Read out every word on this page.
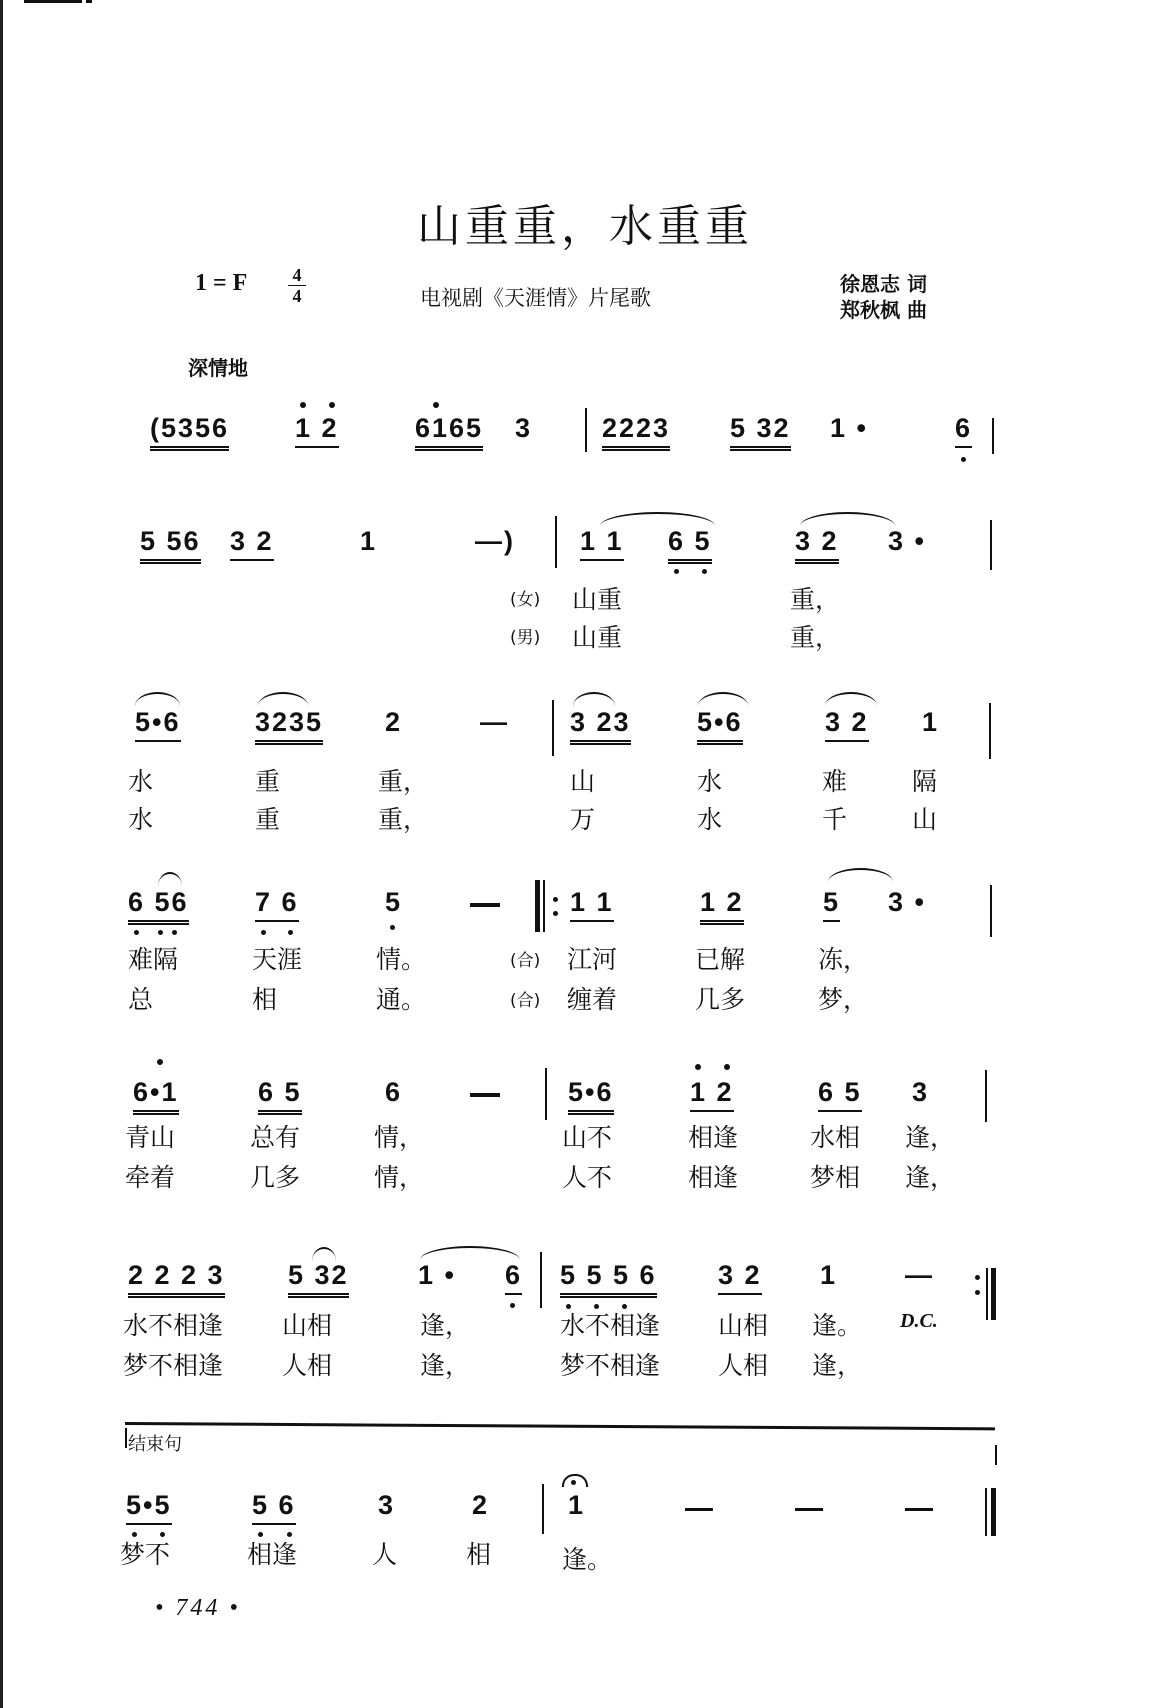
山重重，水重重
1 = F	4
4	电视剧《天涯情》片尾歌
徐恩志 词
郑秋枫 曲
深情地
(5356 1 2	6165 3	2223 5 32 1 •	6
5 56 3 2	1	—) 1 1 6 5	3 2 3 •
(女) 山重	重，
(男) 山重	重，
5•6	3235 2	— 3 23 5•6	3 2 1
水	重	重，	山	水	难	隔
水	重	重，	万	水	千	山
6 56 7 6	5	1 1	1 2	5 3 •
难隔	天涯	情。	(合) 江河	已解	冻，
总	相	通。	(合) 缠着	几多	梦，
6•1	6 5	6	5•6	1 2	6 5 3
青山	总有	情，	山不	相逢	水相 逢，
牵着	几多	情，	人不	相逢	梦相 逢，
2 2 2 3 5 32	1 • 6 5 5 5 6 3 2 1	—
水不相逢 山相	逢，	水不相逢 山相 逢。 D.C.
梦不相逢 人相	逢，	梦不相逢 人相 逢，
结束句
5•5	5 6	3	2	1
梦不	相逢	人	相	逢。
• 744 •
